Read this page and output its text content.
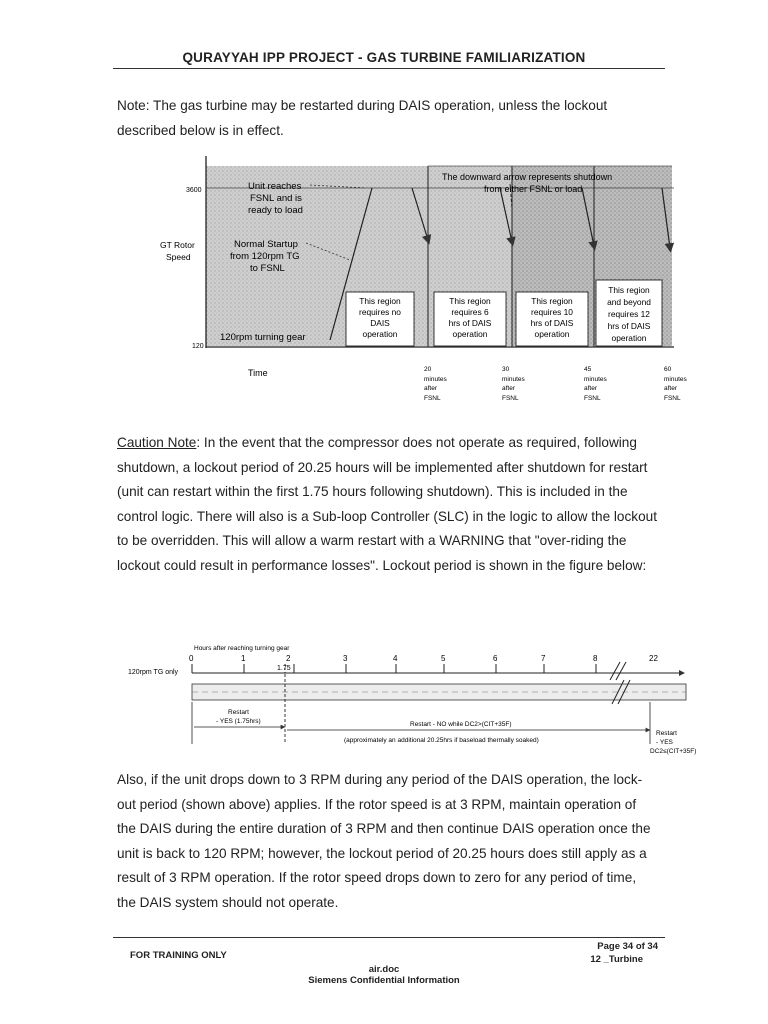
QURAYYAH IPP PROJECT - GAS TURBINE FAMILIARIZATION

Note: The gas turbine may be restarted during DAIS operation, unless the lockout described below is in effect.

3600
120
GT Rotor
Speed
Time
Unit reaches
FSNL and is
ready to load
Normal Startup
from 120rpm TG
to FSNL
120rpm turning gear
The downward arrow represents shutdown
from either FSNL or load
This region
requires no
DAIS
operation
This region
requires 6
hrs of DAIS
operation
This region
requires 10
hrs of DAIS
operation
This region
and beyond
requires 12
hrs of DAIS
operation
20
minutes
after
FSNL
30
minutes
after
FSNL
45
minutes
after
FSNL
60
minutes
after
FSNL

Caution Note: In the event that the compressor does not operate as required, following shutdown, a lockout period of 20.25 hours will be implemented after shutdown for restart (unit can restart within the first 1.75 hours following shutdown). This is included in the control logic. There will also is a Sub-loop Controller (SLC) in the logic to allow the lockout to be overridden. This will allow a warm restart with a WARNING that "over-riding the lockout could result in performance losses". Lockout period is shown in the figure below:

Hours after reaching turning gear
120rpm TG only
0	1	2
1.75
3	4	5	6	7	8	22
Restart
- YES (1.75hrs)	Restart - NO while DC2>(CIT+35F)
(approximately an additional 20.25hrs if baseload thermally soaked)
Restart
- YES
DC2≤(CIT+35F)

Also, if the unit drops down to 3 RPM during any period of the DAIS operation, the lock-out period (shown above) applies. If the rotor speed is at 3 RPM, maintain operation of the DAIS during the entire duration of 3 RPM and then continue DAIS operation once the unit is back to 120 RPM; however, the lockout period of 20.25 hours does still apply as a result of 3 RPM operation. If the rotor speed drops down to zero for any period of time, the DAIS system should not operate.

FOR TRAINING ONLY
Page 34 of 34
12 _Turbine
air.doc
Siemens Confidential Information
